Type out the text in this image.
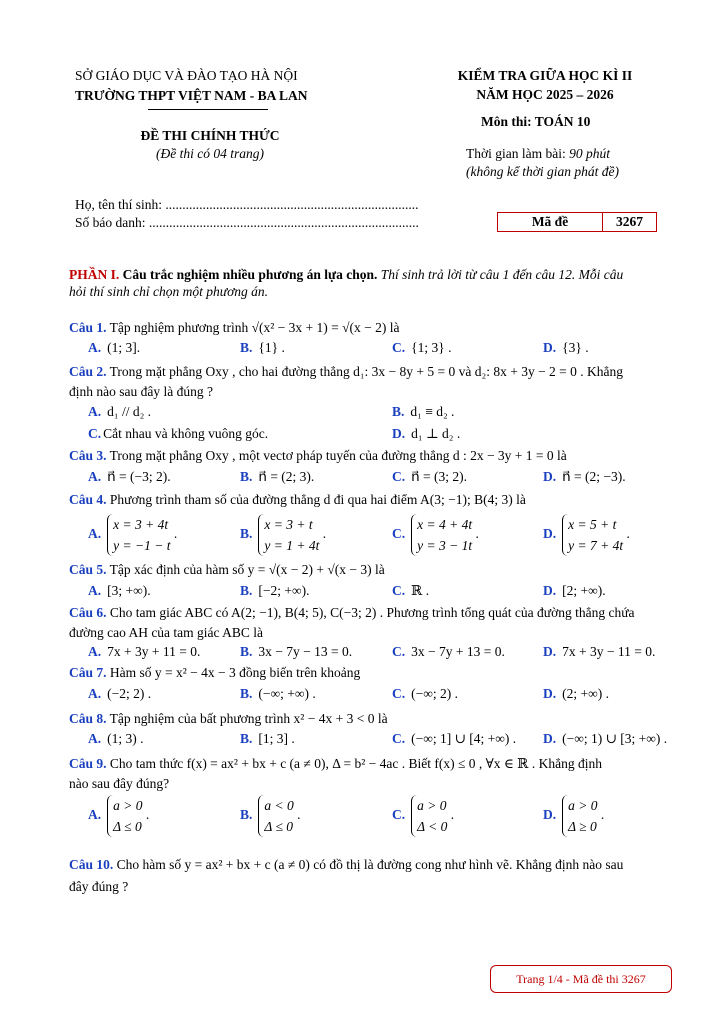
SỞ GIÁO DỤC VÀ ĐÀO TẠO HÀ NỘI
TRƯỜNG THPT VIỆT NAM - BA LAN
ĐỀ THI CHÍNH THỨC
(Đề thi có 04 trang)
KIỂM TRA GIỮA HỌC KÌ II
NĂM HỌC 2025 – 2026
Môn thi: TOÁN 10
Thời gian làm bài: 90 phút
(không kể thời gian phát đề)
Họ, tên thí sinh: ...........................................................................
Số báo danh: ................................................................................	Mã đề	3267
PHẦN I. Câu trắc nghiệm nhiều phương án lựa chọn. Thí sinh trả lời từ câu 1 đến câu 12. Mỗi câu
hỏi thí sinh chỉ chọn một phương án.
Câu 1. Tập nghiệm phương trình √(x² − 3x + 1) = √(x − 2) là
A. (1; 3].	B. {1} .	C. {1; 3} .	D. {3} .
Câu 2. Trong mặt phẳng Oxy , cho hai đường thẳng d₁: 3x − 8y + 5 = 0 và d₂: 8x + 3y − 2 = 0 . Khẳng
định nào sau đây là đúng ?
A. d₁ // d₂ .	B. d₁ ≡ d₂ .
C. Cắt nhau và không vuông góc.	D. d₁ ⊥ d₂ .
Câu 3. Trong mặt phẳng Oxy , một vectơ pháp tuyến của đường thẳng d : 2x − 3y + 1 = 0 là
A. n⃗ = (−3; 2).	B. n⃗ = (2; 3).	C. n⃗ = (3; 2).	D. n⃗ = (2; −3).
Câu 4. Phương trình tham số của đường thẳng d đi qua hai điểm A(3; −1); B(4; 3) là
A.
x = 3 + 4t
y = −1 − t
.	B.
x = 3 + t
y = 1 + 4t
.	C.
x = 4 + 4t
y = 3 − 1t
.	D.
x = 5 + t
y = 7 + 4t
.
Câu 5. Tập xác định của hàm số y = √(x − 2) + √(x − 3) là
A. [3; +∞).	B. [−2; +∞).	C. ℝ .	D. [2; +∞).
Câu 6. Cho tam giác ABC có A(2; −1), B(4; 5), C(−3; 2) . Phương trình tổng quát của đường thẳng chứa
đường cao AH của tam giác ABC là
A. 7x + 3y + 11 = 0.	B. 3x − 7y − 13 = 0.	C. 3x − 7y + 13 = 0.	D. 7x + 3y − 11 = 0.
Câu 7. Hàm số y = x² − 4x − 3 đồng biến trên khoảng
A. (−2; 2) .	B. (−∞; +∞) .	C. (−∞; 2) .	D. (2; +∞) .
Câu 8. Tập nghiệm của bất phương trình x² − 4x + 3 < 0 là
A. (1; 3) .	B. [1; 3] .	C. (−∞; 1] ∪ [4; +∞) . D. (−∞; 1) ∪ [3; +∞) .
Câu 9. Cho tam thức f(x) = ax² + bx + c (a ≠ 0), Δ = b² − 4ac . Biết f(x) ≤ 0 , ∀x ∈ ℝ . Khẳng định
nào sau đây đúng?
A.
a > 0
Δ ≤ 0
.	B.
a < 0
Δ ≤ 0
.	C.
a > 0
Δ < 0
.	D.
a > 0
Δ ≥ 0
.
Câu 10. Cho hàm số y = ax² + bx + c (a ≠ 0) có đồ thị là đường cong như hình vẽ. Khẳng định nào sau
đây đúng ?
Trang 1/4 - Mã đề thi 3267
